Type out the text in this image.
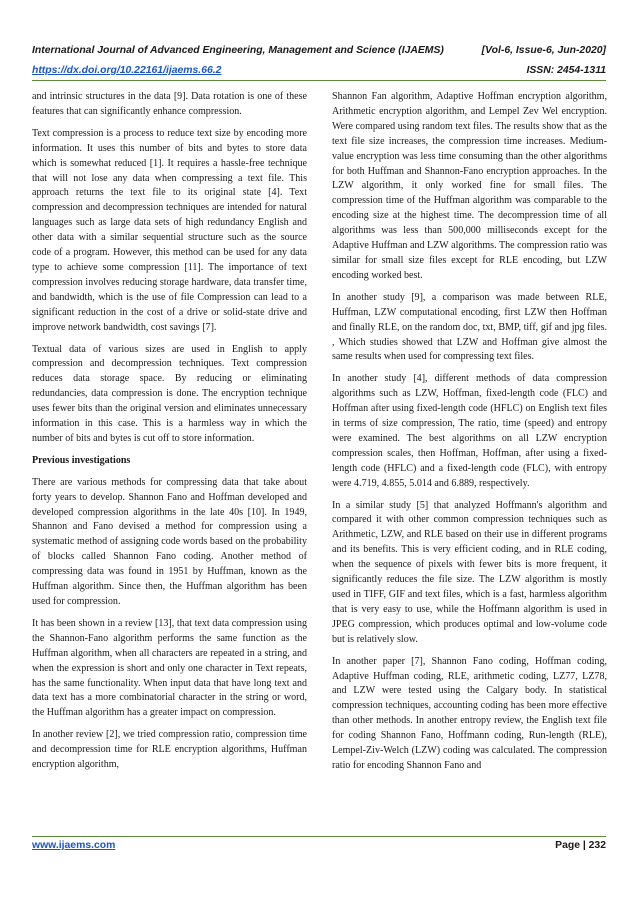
International Journal of Advanced Engineering, Management and Science (IJAEMS)	[Vol-6, Issue-6, Jun-2020]
https://dx.doi.org/10.22161/ijaems.66.2	ISSN: 2454-1311

and intrinsic structures in the data [9]. Data rotation is one of these features that can significantly enhance compression.

Text compression is a process to reduce text size by encoding more information. It uses this number of bits and bytes to store data which is somewhat reduced [1]. It requires a hassle-free technique that will not lose any data when compressing a text file. This approach returns the text file to its original state [4]. Text compression and decompression techniques are intended for natural languages such as large data sets of high redundancy English and other data with a similar sequential structure such as the source code of a program. However, this method can be used for any data type to achieve some compression [11]. The importance of text compression involves reducing storage hardware, data transfer time, and bandwidth, which is the use of file Compression can lead to a significant reduction in the cost of a drive or solid-state drive and improve network bandwidth, cost savings [7].

Textual data of various sizes are used in English to apply compression and decompression techniques. Text compression reduces data storage space. By reducing or eliminating redundancies, data compression is done. The encryption technique uses fewer bits than the original version and eliminates unnecessary information in this case. This is a harmless way in which the number of bits and bytes is cut off to store information.

Previous investigations

There are various methods for compressing data that take about forty years to develop. Shannon Fano and Hoffman developed and developed compression algorithms in the late 40s [10]. In 1949, Shannon and Fano devised a method for compression using a systematic method of assigning code words based on the probability of blocks called Shannon Fano coding. Another method of compressing data was found in 1951 by Huffman, known as the Huffman algorithm. Since then, the Huffman algorithm has been used for compression.

It has been shown in a review [13], that text data compression using the Shannon-Fano algorithm performs the same function as the Huffman algorithm, when all characters are repeated in a string, and when the expression is short and only one character in Text repeats, has the same functionality. When input data that have long text and data text has a more combinatorial character in the string or word, the Huffman algorithm has a greater impact on compression.

In another review [2], we tried compression ratio, compression time and decompression time for RLE encryption algorithms, Huffman encryption algorithm,

Shannon Fan algorithm, Adaptive Hoffman encryption algorithm, Arithmetic encryption algorithm, and Lempel Zev Wel encryption. Were compared using random text files. The results show that as the text file size increases, the compression time increases. Medium-value encryption was less time consuming than the other algorithms for both Huffman and Shannon-Fano encryption approaches. In the LZW algorithm, it only worked fine for small files. The compression time of the Huffman algorithm was comparable to the encoding size at the highest time. The decompression time of all algorithms was less than 500,000 milliseconds except for the Adaptive Huffman and LZW algorithms. The compression ratio was similar for small size files except for RLE encoding, but LZW encoding worked best.

In another study [9], a comparison was made between RLE, Huffman, LZW computational encoding, first LZW then Hoffman and finally RLE, on the random doc, txt, BMP, tiff, gif and jpg files. , Which studies showed that LZW and Hoffman give almost the same results when used for compressing text files.

In another study [4], different methods of data compression algorithms such as LZW, Hoffman, fixed-length code (FLC) and Hoffman after using fixed-length code (HFLC) on English text files in terms of size compression, The ratio, time (speed) and entropy were examined. The best algorithms on all LZW encryption compression scales, then Hoffman, Hoffman, after using a fixed-length code (HFLC) and a fixed-length code (FLC), with entropy were 4.719, 4.855, 5.014 and 6.889, respectively.

In a similar study [5] that analyzed Hoffmann's algorithm and compared it with other common compression techniques such as Arithmetic, LZW, and RLE based on their use in different programs and its benefits. This is very efficient coding, and in RLE coding, when the sequence of pixels with fewer bits is more frequent, it significantly reduces the file size. The LZW algorithm is mostly used in TIFF, GIF and text files, which is a fast, harmless algorithm that is very easy to use, while the Hoffmann algorithm is used in JPEG compression, which produces optimal and low-volume code but is relatively slow.

In another paper [7], Shannon Fano coding, Hoffman coding, Adaptive Huffman coding, RLE, arithmetic coding, LZ77, LZ78, and LZW were tested using the Calgary body. In statistical compression techniques, accounting coding has been more effective than other methods. In another entropy review, the English text file for coding Shannon Fano, Hoffmann coding, Run-length (RLE), Lempel-Ziv-Welch (LZW) coding was calculated. The compression ratio for encoding Shannon Fano and

www.ijaems.com	Page | 232
